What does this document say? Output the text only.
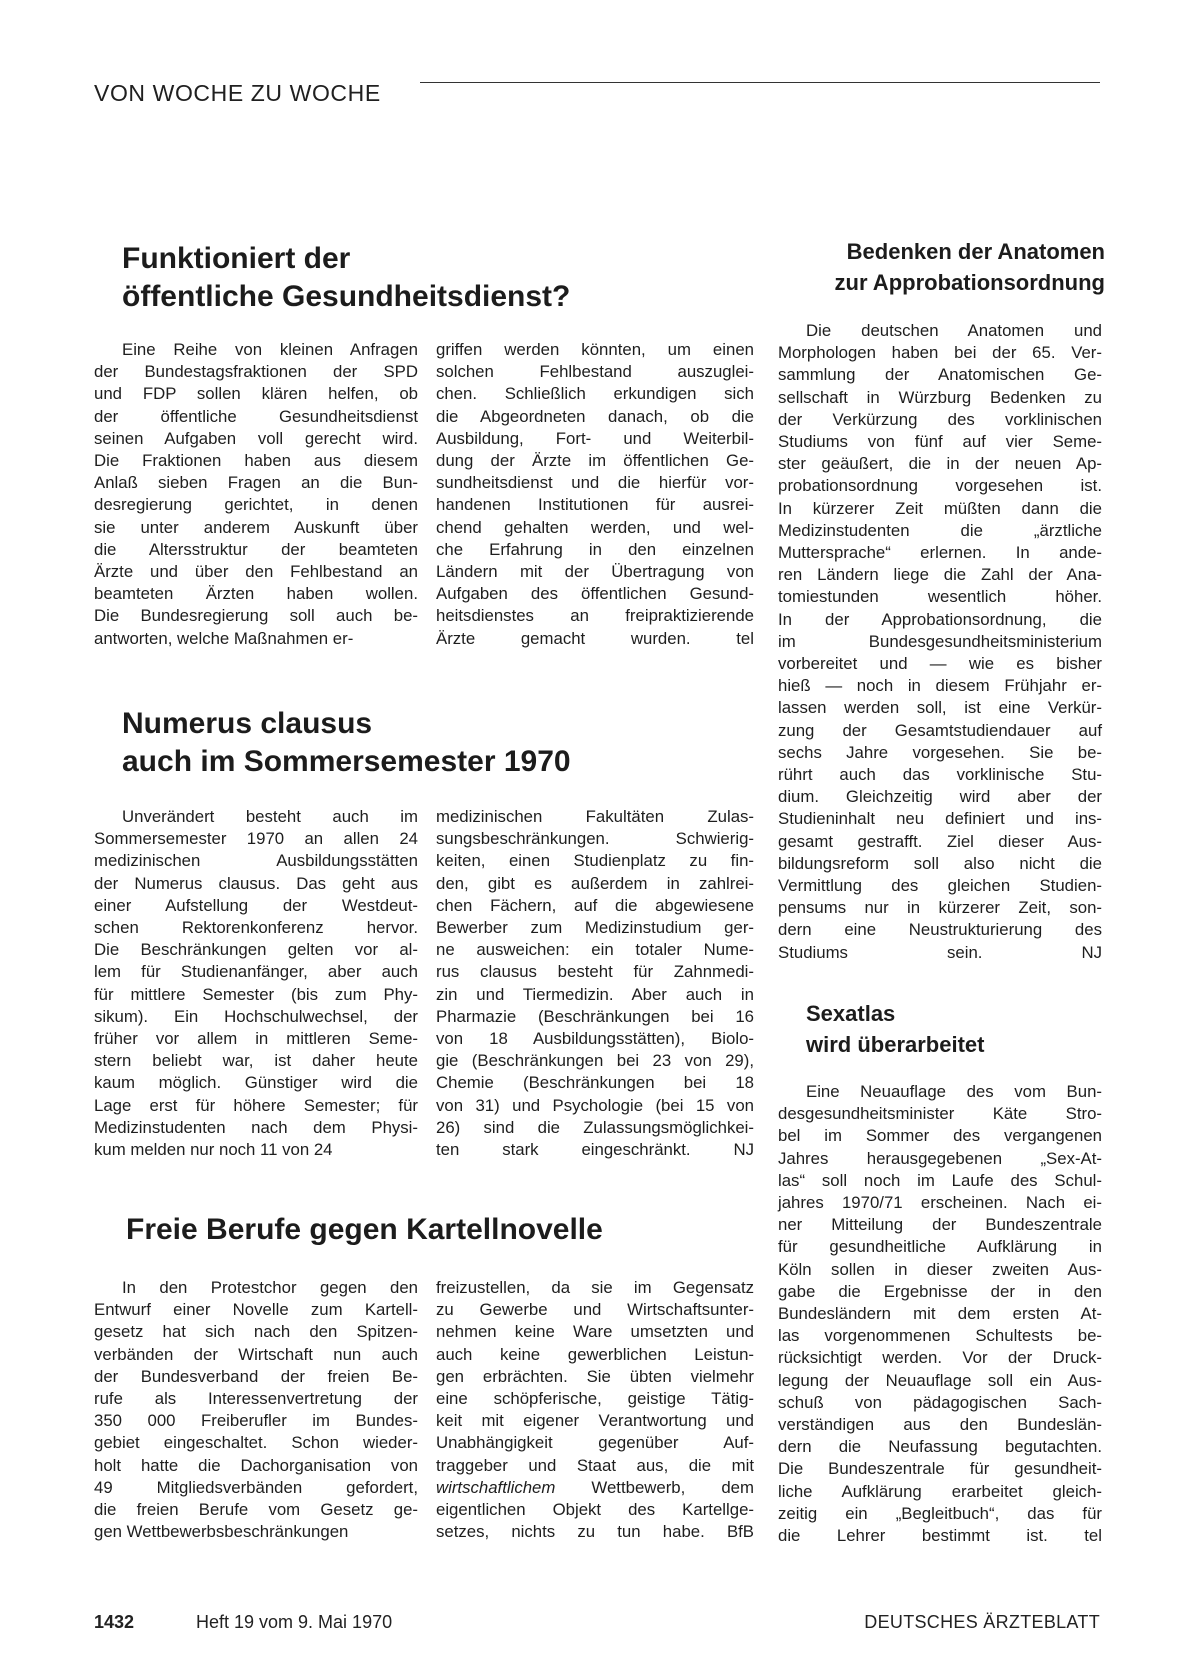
VON WOCHE ZU WOCHE
Funktioniert der
öffentliche Gesundheitsdienst?
Eine Reihe von kleinen Anfragen
der Bundestagsfraktionen der SPD
und FDP sollen klären helfen, ob
der öffentliche Gesundheitsdienst
seinen Aufgaben voll gerecht wird.
Die Fraktionen haben aus diesem
Anlaß sieben Fragen an die Bun-
desregierung gerichtet, in denen
sie unter anderem Auskunft über
die Altersstruktur der beamteten
Ärzte und über den Fehlbestand an
beamteten Ärzten haben wollen.
Die Bundesregierung soll auch be-
antworten, welche Maßnahmen er-
griffen werden könnten, um einen
solchen Fehlbestand auszuglei-
chen. Schließlich erkundigen sich
die Abgeordneten danach, ob die
Ausbildung, Fort- und Weiterbil-
dung der Ärzte im öffentlichen Ge-
sundheitsdienst und die hierfür vor-
handenen Institutionen für ausrei-
chend gehalten werden, und wel-
che Erfahrung in den einzelnen
Ländern mit der Übertragung von
Aufgaben des öffentlichen Gesund-
heitsdienstes an freipraktizierende
Ärzte gemacht wurden. tel
Numerus clausus
auch im Sommersemester 1970
Unverändert besteht auch im
Sommersemester 1970 an allen 24
medizinischen Ausbildungsstätten
der Numerus clausus. Das geht aus
einer Aufstellung der Westdeut-
schen Rektorenkonferenz hervor.
Die Beschränkungen gelten vor al-
lem für Studienanfänger, aber auch
für mittlere Semester (bis zum Phy-
sikum). Ein Hochschulwechsel, der
früher vor allem in mittleren Seme-
stern beliebt war, ist daher heute
kaum möglich. Günstiger wird die
Lage erst für höhere Semester; für
Medizinstudenten nach dem Physi-
kum melden nur noch 11 von 24
medizinischen Fakultäten Zulas-
sungsbeschränkungen. Schwierig-
keiten, einen Studienplatz zu fin-
den, gibt es außerdem in zahlrei-
chen Fächern, auf die abgewiesene
Bewerber zum Medizinstudium ger-
ne ausweichen: ein totaler Nume-
rus clausus besteht für Zahnmedi-
zin und Tiermedizin. Aber auch in
Pharmazie (Beschränkungen bei 16
von 18 Ausbildungsstätten), Biolo-
gie (Beschränkungen bei 23 von 29),
Chemie (Beschränkungen bei 18
von 31) und Psychologie (bei 15 von
26) sind die Zulassungsmöglichkei-
ten stark eingeschränkt. NJ
Freie Berufe gegen Kartellnovelle
In den Protestchor gegen den
Entwurf einer Novelle zum Kartell-
gesetz hat sich nach den Spitzen-
verbänden der Wirtschaft nun auch
der Bundesverband der freien Be-
rufe als Interessenvertretung der
350 000 Freiberufler im Bundes-
gebiet eingeschaltet. Schon wieder-
holt hatte die Dachorganisation von
49 Mitgliedsverbänden gefordert,
die freien Berufe vom Gesetz ge-
gen Wettbewerbsbeschränkungen
freizustellen, da sie im Gegensatz
zu Gewerbe und Wirtschaftsunter-
nehmen keine Ware umsetzten und
auch keine gewerblichen Leistun-
gen erbrächten. Sie übten vielmehr
eine schöpferische, geistige Tätig-
keit mit eigener Verantwortung und
Unabhängigkeit gegenüber Auf-
traggeber und Staat aus, die mit
wirtschaftlichem Wettbewerb, dem
eigentlichen Objekt des Kartellge-
setzes, nichts zu tun habe. BfB
Bedenken der Anatomen
zur Approbationsordnung
Die deutschen Anatomen und
Morphologen haben bei der 65. Ver-
sammlung der Anatomischen Ge-
sellschaft in Würzburg Bedenken zu
der Verkürzung des vorklinischen
Studiums von fünf auf vier Seme-
ster geäußert, die in der neuen Ap-
probationsordnung vorgesehen ist.
In kürzerer Zeit müßten dann die
Medizinstudenten die „ärztliche
Muttersprache“ erlernen. In ande-
ren Ländern liege die Zahl der Ana-
tomiestunden wesentlich höher.
In der Approbationsordnung, die
im Bundesgesundheitsministerium
vorbereitet und — wie es bisher
hieß — noch in diesem Frühjahr er-
lassen werden soll, ist eine Verkür-
zung der Gesamtstudiendauer auf
sechs Jahre vorgesehen. Sie be-
rührt auch das vorklinische Stu-
dium. Gleichzeitig wird aber der
Studieninhalt neu definiert und ins-
gesamt gestrafft. Ziel dieser Aus-
bildungsreform soll also nicht die
Vermittlung des gleichen Studien-
pensums nur in kürzerer Zeit, son-
dern eine Neustrukturierung des
Studiums sein. NJ
Sexatlas
wird überarbeitet
Eine Neuauflage des vom Bun-
desgesundheitsminister Käte Stro-
bel im Sommer des vergangenen
Jahres herausgegebenen „Sex-At-
las“ soll noch im Laufe des Schul-
jahres 1970/71 erscheinen. Nach ei-
ner Mitteilung der Bundeszentrale
für gesundheitliche Aufklärung in
Köln sollen in dieser zweiten Aus-
gabe die Ergebnisse der in den
Bundesländern mit dem ersten At-
las vorgenommenen Schultests be-
rücksichtigt werden. Vor der Druck-
legung der Neuauflage soll ein Aus-
schuß von pädagogischen Sach-
verständigen aus den Bundeslän-
dern die Neufassung begutachten.
Die Bundeszentrale für gesundheit-
liche Aufklärung erarbeitet gleich-
zeitig ein „Begleitbuch“, das für
die Lehrer bestimmt ist. tel
1432	Heft 19 vom 9. Mai 1970	DEUTSCHES ÄRZTEBLATT
